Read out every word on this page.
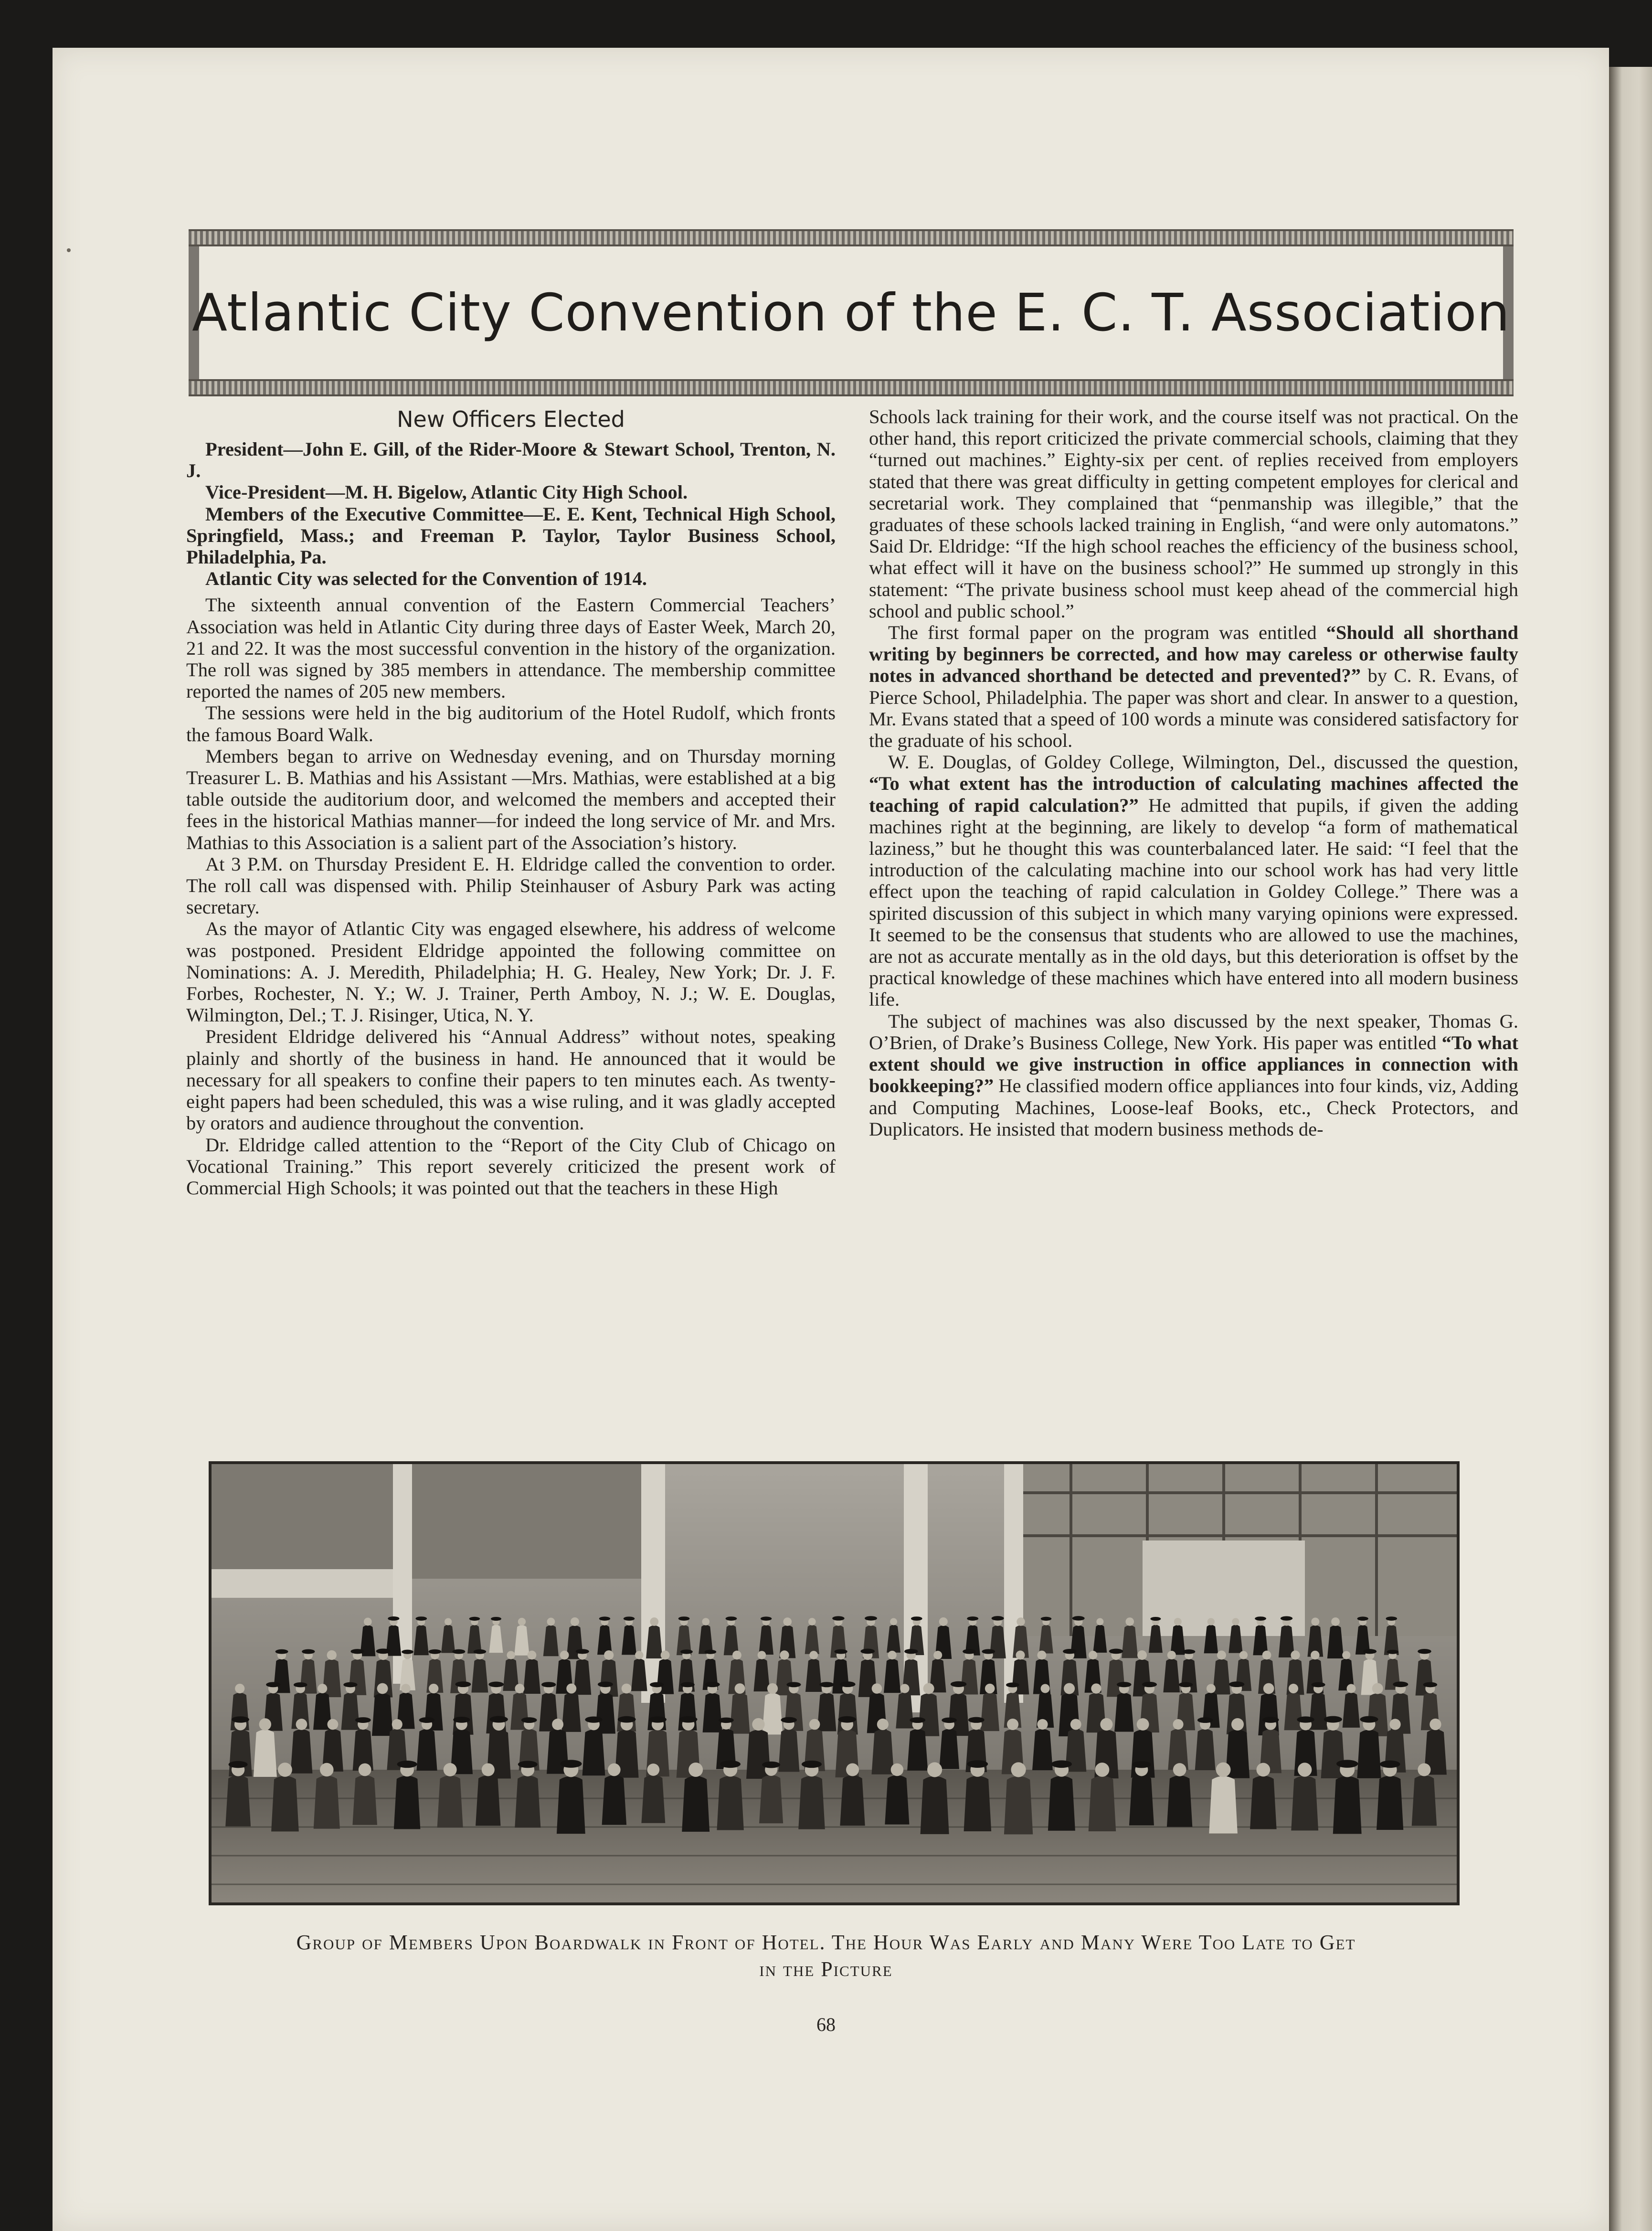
Atlantic City Convention of the E. C. T. Association
New Officers Elected

President—John E. Gill, of the Rider-Moore & Stewart School, Trenton, N. J.

Vice-President—M. H. Bigelow, Atlantic City High School.

Members of the Executive Committee—E. E. Kent, Technical High School, Springfield, Mass.; and Freeman P. Taylor, Taylor Business School, Philadelphia, Pa.

Atlantic City was selected for the Convention of 1914.

The sixteenth annual convention of the Eastern Commercial Teachers’ Association was held in Atlantic City during three days of Easter Week, March 20, 21 and 22. It was the most successful convention in the history of the organization. The roll was signed by 385 members in attendance. The membership committee reported the names of 205 new members.

The sessions were held in the big auditorium of the Hotel Rudolf, which fronts the famous Board Walk.

Members began to arrive on Wednesday evening, and on Thursday morning Treasurer L. B. Mathias and his Assistant —Mrs. Mathias, were established at a big table outside the auditorium door, and welcomed the members and accepted their fees in the historical Mathias manner—for indeed the long service of Mr. and Mrs. Mathias to this Association is a salient part of the Association’s history.

At 3 P.M. on Thursday President E. H. Eldridge called the convention to order. The roll call was dispensed with. Philip Steinhauser of Asbury Park was acting secretary.

As the mayor of Atlantic City was engaged elsewhere, his address of welcome was postponed. President Eldridge appointed the following committee on Nominations: A. J. Meredith, Philadelphia; H. G. Healey, New York; Dr. J. F. Forbes, Rochester, N. Y.; W. J. Trainer, Perth Amboy, N. J.; W. E. Douglas, Wilmington, Del.; T. J. Risinger, Utica, N. Y.

President Eldridge delivered his “Annual Address” without notes, speaking plainly and shortly of the business in hand. He announced that it would be necessary for all speakers to confine their papers to ten minutes each. As twenty-eight papers had been scheduled, this was a wise ruling, and it was gladly accepted by orators and audience throughout the convention.

Dr. Eldridge called attention to the “Report of the City Club of Chicago on Vocational Training.” This report severely criticized the present work of Commercial High Schools; it was pointed out that the teachers in these High

Schools lack training for their work, and the course itself was not practical. On the other hand, this report criticized the private commercial schools, claiming that they “turned out machines.” Eighty-six per cent. of replies received from employers stated that there was great difficulty in getting competent employes for clerical and secretarial work. They complained that “penmanship was illegible,” that the graduates of these schools lacked training in English, “and were only automatons.” Said Dr. Eldridge: “If the high school reaches the efficiency of the business school, what effect will it have on the business school?” He summed up strongly in this statement: “The private business school must keep ahead of the commercial high school and public school.”

The first formal paper on the program was entitled “Should all shorthand writing by beginners be corrected, and how may careless or otherwise faulty notes in advanced shorthand be detected and prevented?” by C. R. Evans, of Pierce School, Philadelphia. The paper was short and clear. In answer to a question, Mr. Evans stated that a speed of 100 words a minute was considered satisfactory for the graduate of his school.

W. E. Douglas, of Goldey College, Wilmington, Del., discussed the question, “To what extent has the introduction of calculating machines affected the teaching of rapid calculation?” He admitted that pupils, if given the adding machines right at the beginning, are likely to develop “a form of mathematical laziness,” but he thought this was counterbalanced later. He said: “I feel that the introduction of the calculating machine into our school work has had very little effect upon the teaching of rapid calculation in Goldey College.” There was a spirited discussion of this subject in which many varying opinions were expressed. It seemed to be the consensus that students who are allowed to use the machines, are not as accurate mentally as in the old days, but this deterioration is offset by the practical knowledge of these machines which have entered into all modern business life.

The subject of machines was also discussed by the next speaker, Thomas G. O’Brien, of Drake’s Business College, New York. His paper was entitled “To what extent should we give instruction in office appliances in connection with bookkeeping?” He classified modern office appliances into four kinds, viz, Adding and Computing Machines, Loose-leaf Books, etc., Check Protectors, and Duplicators. He insisted that modern business methods de-

Group of Members Upon Boardwalk in Front of Hotel. The Hour Was Early and Many Were Too Late to Get
in the Picture
68
